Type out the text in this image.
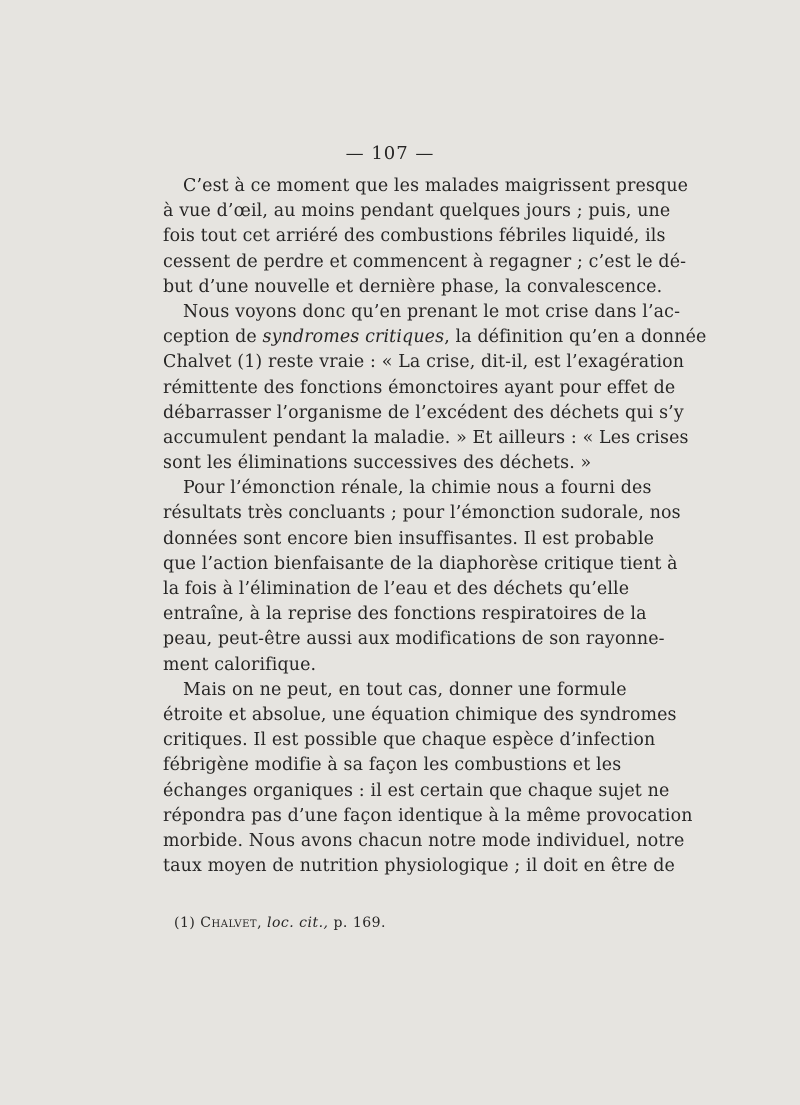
— 107 —
C’est à ce moment que les malades maigrissent presque
à vue d’œil, au moins pendant quelques jours ; puis, une
fois tout cet arriéré des combustions fébriles liquidé, ils
cessent de perdre et commencent à regagner ; c’est le dé-
but d’une nouvelle et dernière phase, la convalescence.
Nous voyons donc qu’en prenant le mot crise dans l’ac-
ception de syndromes critiques, la définition qu’en a donnée
Chalvet (1) reste vraie : « La crise, dit-il, est l’exagération
rémittente des fonctions émonctoires ayant pour effet de
débarrasser l’organisme de l’excédent des déchets qui s’y
accumulent pendant la maladie. » Et ailleurs : « Les crises
sont les éliminations successives des déchets. »
Pour l’émonction rénale, la chimie nous a fourni des
résultats très concluants ; pour l’émonction sudorale, nos
données sont encore bien insuffisantes. Il est probable
que l’action bienfaisante de la diaphorèse critique tient à
la fois à l’élimination de l’eau et des déchets qu’elle
entraîne, à la reprise des fonctions respiratoires de la
peau, peut-être aussi aux modifications de son rayonne-
ment calorifique.
Mais on ne peut, en tout cas, donner une formule
étroite et absolue, une équation chimique des syndromes
critiques. Il est possible que chaque espèce d’infection
fébrigène modifie à sa façon les combustions et les
échanges organiques : il est certain que chaque sujet ne
répondra pas d’une façon identique à la même provocation
morbide. Nous avons chacun notre mode individuel, notre
taux moyen de nutrition physiologique ; il doit en être de
(1) Chalvet, loc. cit., p. 169.
